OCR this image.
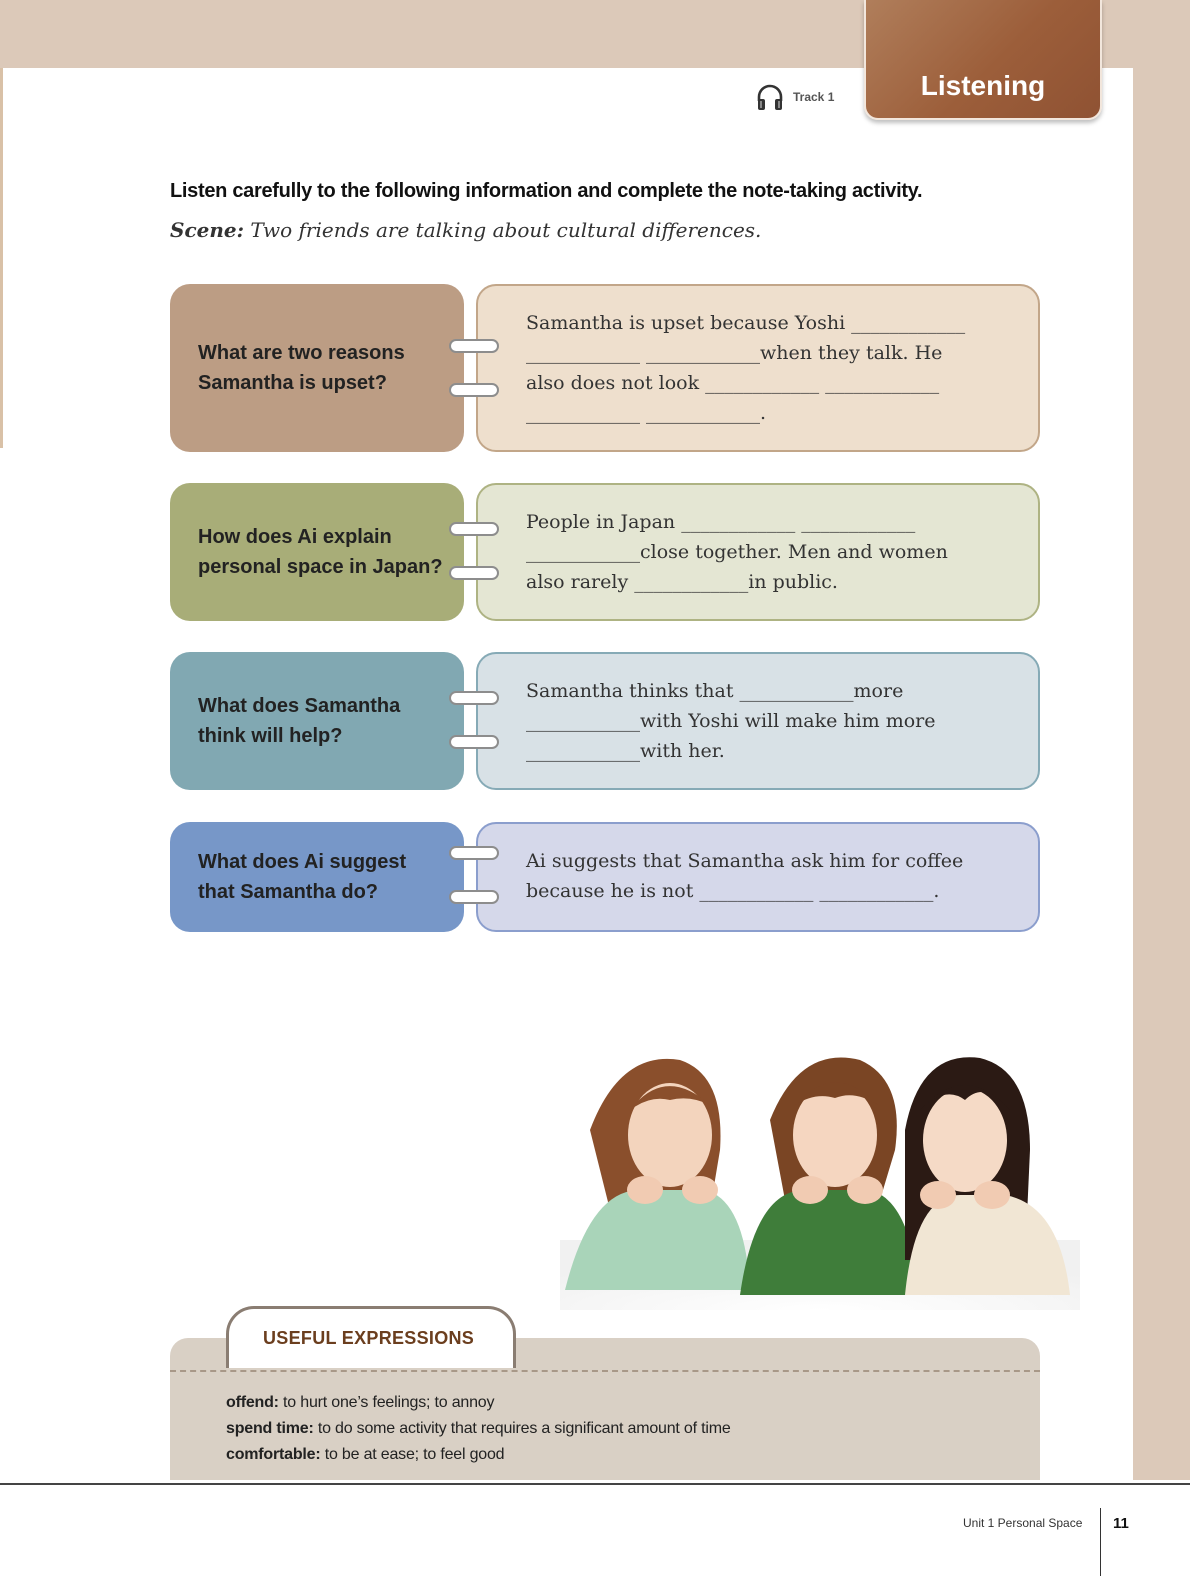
Listening
Track 1
Listen carefully to the following information and complete the note-taking activity.
Scene: Two friends are talking about cultural differences.
What are two reasons
Samantha is upset?
Samantha is upset because Yoshi ____________
____________ ____________when they talk. He
also does not look ____________ ____________
____________ ____________.
How does Ai explain
personal space in Japan?
People in Japan ____________ ____________
____________close together. Men and women
also rarely ____________in public.
What does Samantha
think will help?
Samantha thinks that ____________more
____________with Yoshi will make him more
____________with her.
What does Ai suggest
that Samantha do?
Ai suggests that Samantha ask him for coffee
because he is not ____________ ____________.
USEFUL EXPRESSIONS
offend: to hurt one’s feelings; to annoy
spend time: to do some activity that requires a significant amount of time
comfortable: to be at ease; to feel good
Unit 1 Personal Space 11
